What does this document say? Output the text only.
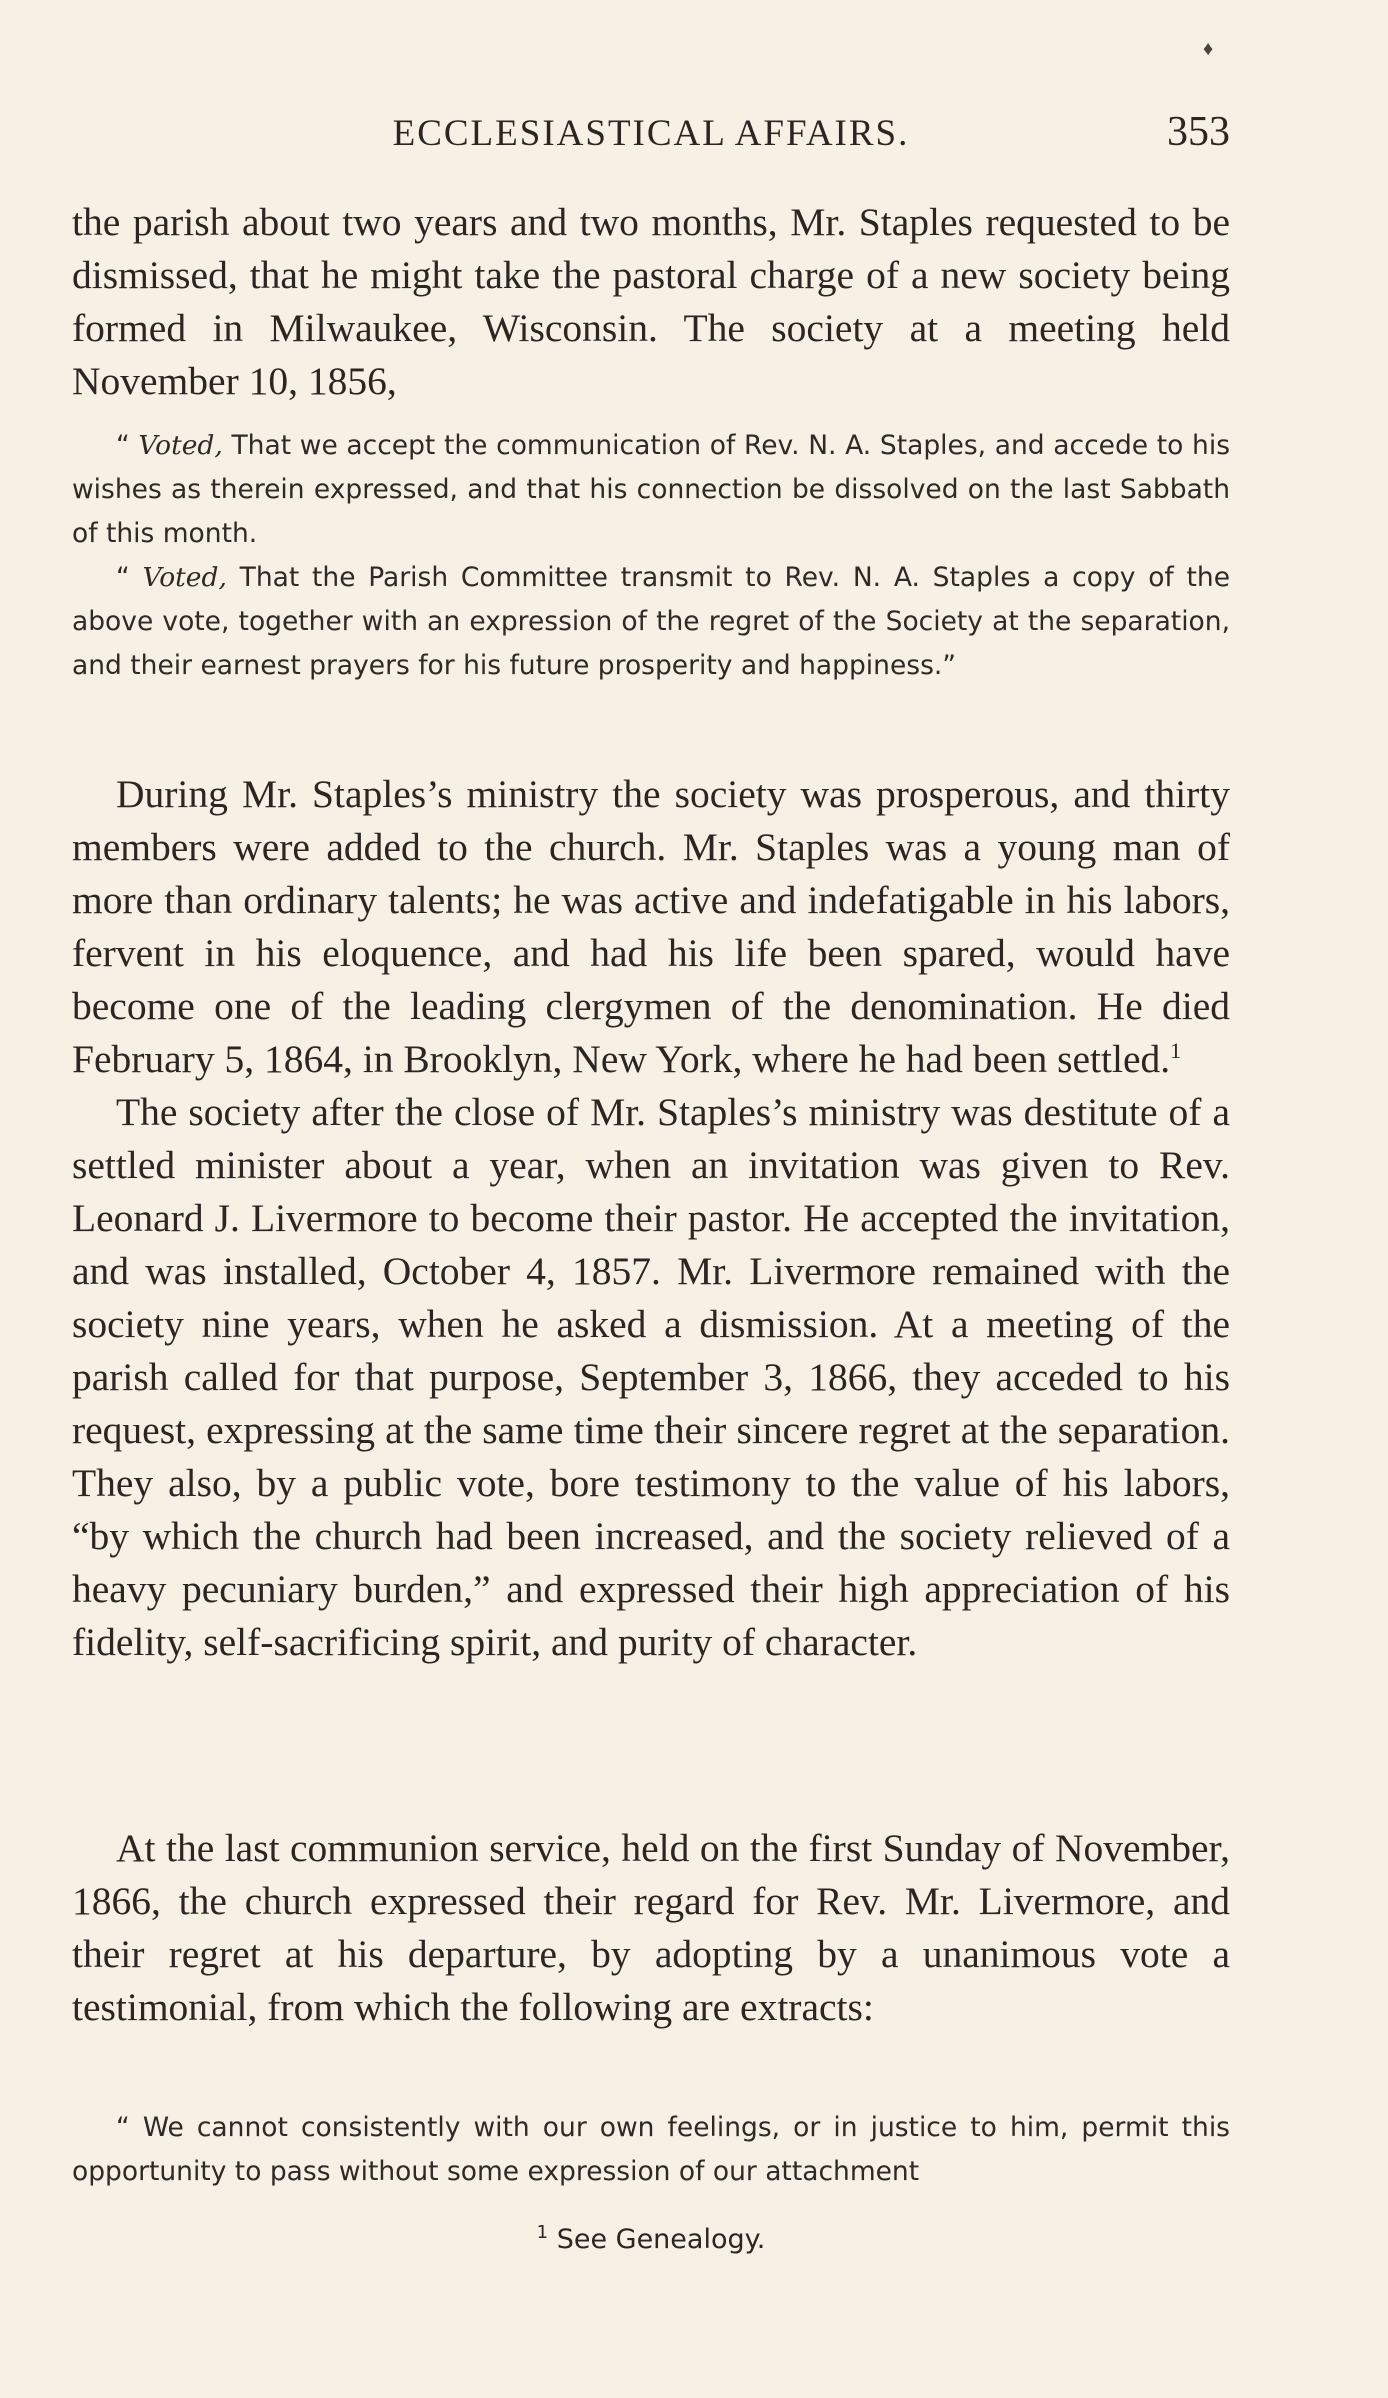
♦
ECCLESIASTICAL AFFAIRS.	353

the parish about two years and two months, Mr. Staples requested to be dismissed, that he might take the pastoral charge of a new society being formed in Milwaukee, Wisconsin. The society at a meeting held November 10, 1856,

“ Voted, That we accept the communication of Rev. N. A. Staples, and accede to his wishes as therein expressed, and that his connection be dissolved on the last Sabbath of this month.

“ Voted, That the Parish Committee transmit to Rev. N. A. Staples a copy of the above vote, together with an expression of the regret of the Society at the separation, and their earnest prayers for his future prosperity and happiness.”

During Mr. Staples’s ministry the society was prosperous, and thirty members were added to the church. Mr. Staples was a young man of more than ordinary talents; he was active and indefatigable in his labors, fervent in his eloquence, and had his life been spared, would have become one of the leading clergymen of the denomination. He died February 5, 1864, in Brooklyn, New York, where he had been settled.$^1$

The society after the close of Mr. Staples’s ministry was destitute of a settled minister about a year, when an invitation was given to Rev. Leonard J. Livermore to become their pastor. He accepted the invitation, and was installed, October 4, 1857. Mr. Livermore remained with the society nine years, when he asked a dismission. At a meeting of the parish called for that purpose, September 3, 1866, they acceded to his request, expressing at the same time their sincere regret at the separation. They also, by a public vote, bore testimony to the value of his labors, “by which the church had been increased, and the society relieved of a heavy pecuniary burden,” and expressed their high appreciation of his fidelity, self-sacrificing spirit, and purity of character.

At the last communion service, held on the first Sunday of November, 1866, the church expressed their regard for Rev. Mr. Livermore, and their regret at his departure, by adopting by a unanimous vote a testimonial, from which the following are extracts:

“ We cannot consistently with our own feelings, or in justice to him, permit this opportunity to pass without some expression of our attachment

$^1$ See Genealogy.
